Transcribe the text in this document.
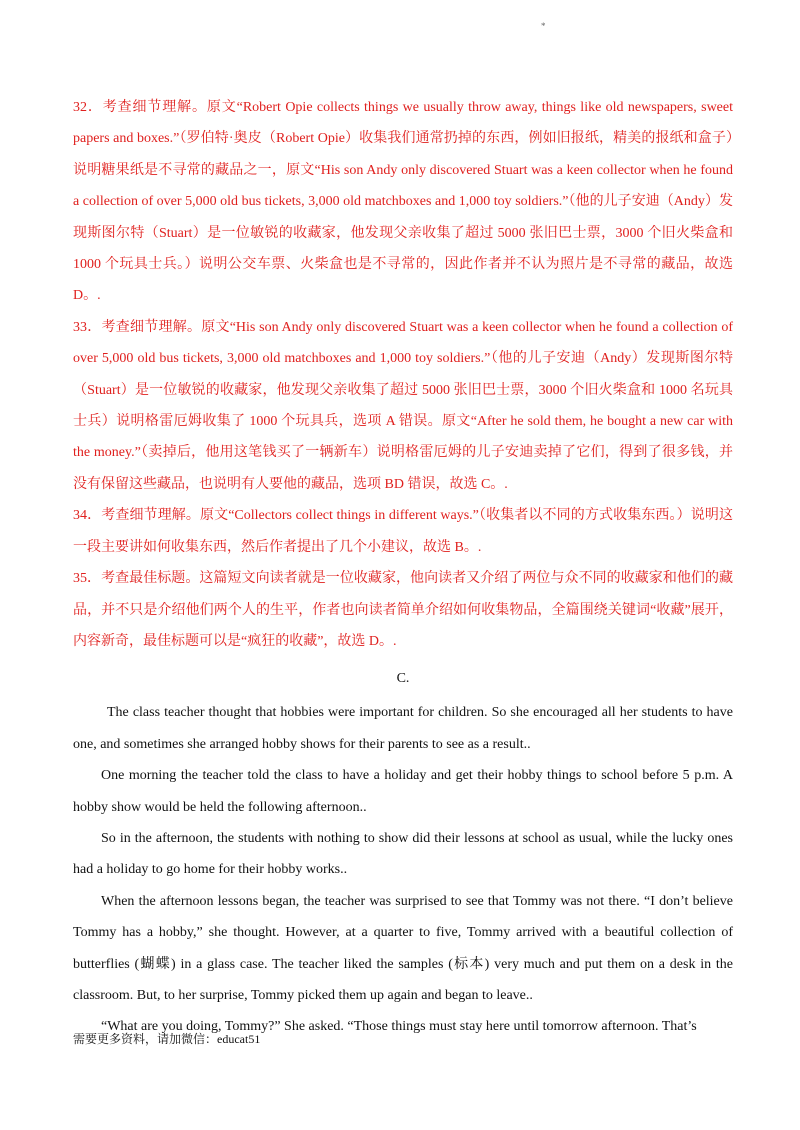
*

32．考查细节理解。原文“Robert Opie collects things we usually throw away, things like old newspapers, sweet papers and boxes.”（罗伯特·奥皮（Robert Opie）收集我们通常扔掉的东西，例如旧报纸，精美的报纸和盒子）说明糖果纸是不寻常的藏品之一，原文“His son Andy only discovered Stuart was a keen collector when he found a collection of over 5,000 old bus tickets, 3,000 old matchboxes and 1,000 toy soldiers.”（他的儿子安迪（Andy）发现斯图尔特（Stuart）是一位敏锐的收藏家，他发现父亲收集了超过 5000 张旧巴士票，3000 个旧火柴盒和 1000 个玩具士兵。）说明公交车票、火柴盒也是不寻常的，因此作者并不认为照片是不寻常的藏品，故选 D。.

33．考查细节理解。原文“His son Andy only discovered Stuart was a keen collector when he found a collection of over 5,000 old bus tickets, 3,000 old matchboxes and 1,000 toy soldiers.”（他的儿子安迪（Andy）发现斯图尔特（Stuart）是一位敏锐的收藏家，他发现父亲收集了超过 5000 张旧巴士票，3000 个旧火柴盒和 1000 名玩具士兵）说明格雷厄姆收集了 1000 个玩具兵，选项 A 错误。原文“After he sold them, he bought a new car with the money.”（卖掉后，他用这笔钱买了一辆新车）说明格雷厄姆的儿子安迪卖掉了它们，得到了很多钱，并没有保留这些藏品，也说明有人要他的藏品，选项 BD 错误，故选 C。.

34．考查细节理解。原文“Collectors collect things in different ways.”（收集者以不同的方式收集东西。）说明这一段主要讲如何收集东西，然后作者提出了几个小建议，故选 B。.

35．考查最佳标题。这篇短文向读者就是一位收藏家，他向读者又介绍了两位与众不同的收藏家和他们的藏品，并不只是介绍他们两个人的生平，作者也向读者简单介绍如何收集物品，全篇围绕关键词“收藏”展开，内容新奇，最佳标题可以是“疯狂的收藏”，故选 D。.

C.

The class teacher thought that hobbies were important for children. So she encouraged all her students to have one, and sometimes she arranged hobby shows for their parents to see as a result..

One morning the teacher told the class to have a holiday and get their hobby things to school before 5 p.m. A hobby show would be held the following afternoon..

So in the afternoon, the students with nothing to show did their lessons at school as usual, while the lucky ones had a holiday to go home for their hobby works..

When the afternoon lessons began, the teacher was surprised to see that Tommy was not there. “I don’t believe Tommy has a hobby,” she thought. However, at a quarter to five, Tommy arrived with a beautiful collection of butterflies (蝴蝶) in a glass case. The teacher liked the samples (标本) very much and put them on a desk in the classroom. But, to her surprise, Tommy picked them up again and began to leave..

“What are you doing, Tommy?” She asked. “Those things must stay here until tomorrow afternoon. That’s

需要更多资料，请加微信：educat51
